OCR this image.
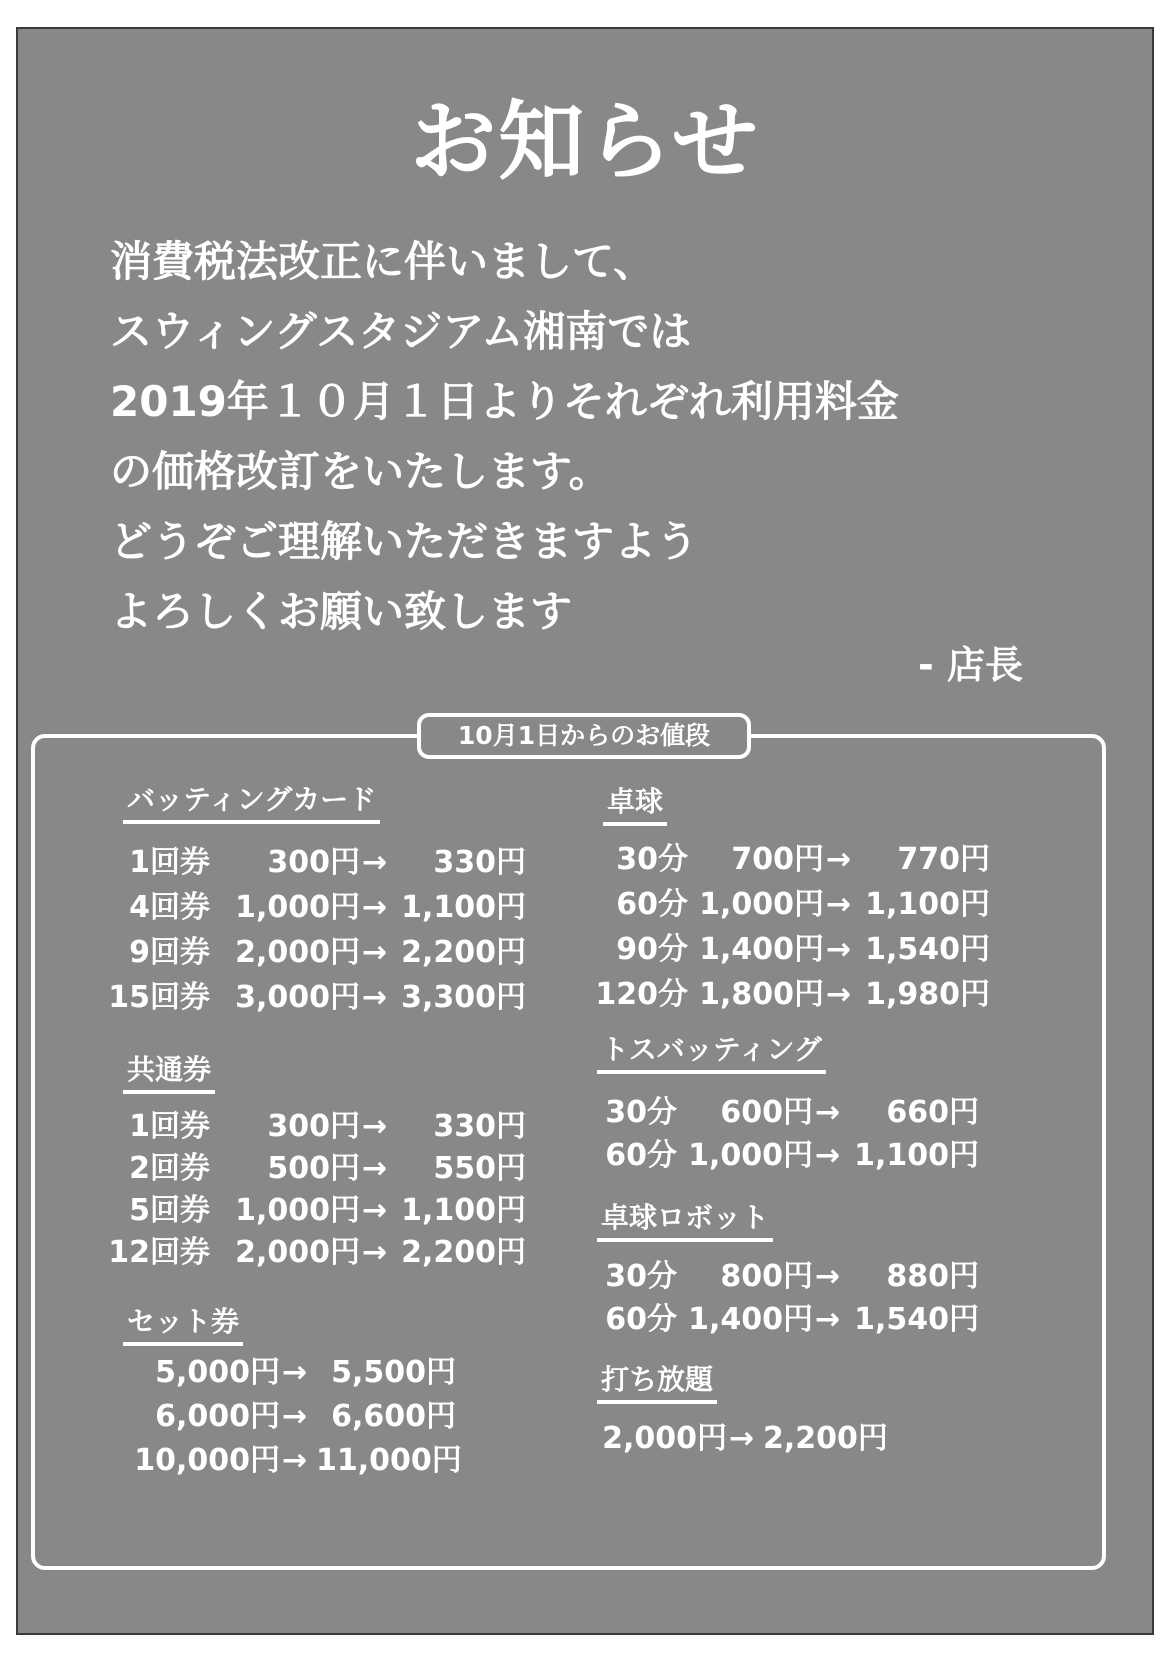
お知らせ
消費税法改正に伴いまして、
スウィングスタジアム湘南では
2019年１０月１日よりそれぞれ利用料金
の価格改訂をいたします。
どうぞご理解いただきますよう
よろしくお願い致します
- 店長
10月1日からのお値段
バッティングカード
1回券	300円 →	330円
4回券 1,000円 → 1,100円
9回券 2,000円 → 2,200円
15回券 3,000円 → 3,300円
共通券
1回券	300円 →	330円
2回券	500円 →	550円
5回券 1,000円 → 1,100円
12回券 2,000円 → 2,200円
セット券
5,000円 → 5,500円
6,000円 → 6,600円
10,000円 → 11,000円
卓球
30分	700円 →	770円
60分 1,000円 → 1,100円
90分 1,400円 → 1,540円
120分 1,800円 → 1,980円
トスバッティング
30分	600円 →	660円
60分 1,000円 → 1,100円
卓球ロボット
30分	800円 →	880円
60分 1,400円 → 1,540円
打ち放題
2,000円 → 2,200円
